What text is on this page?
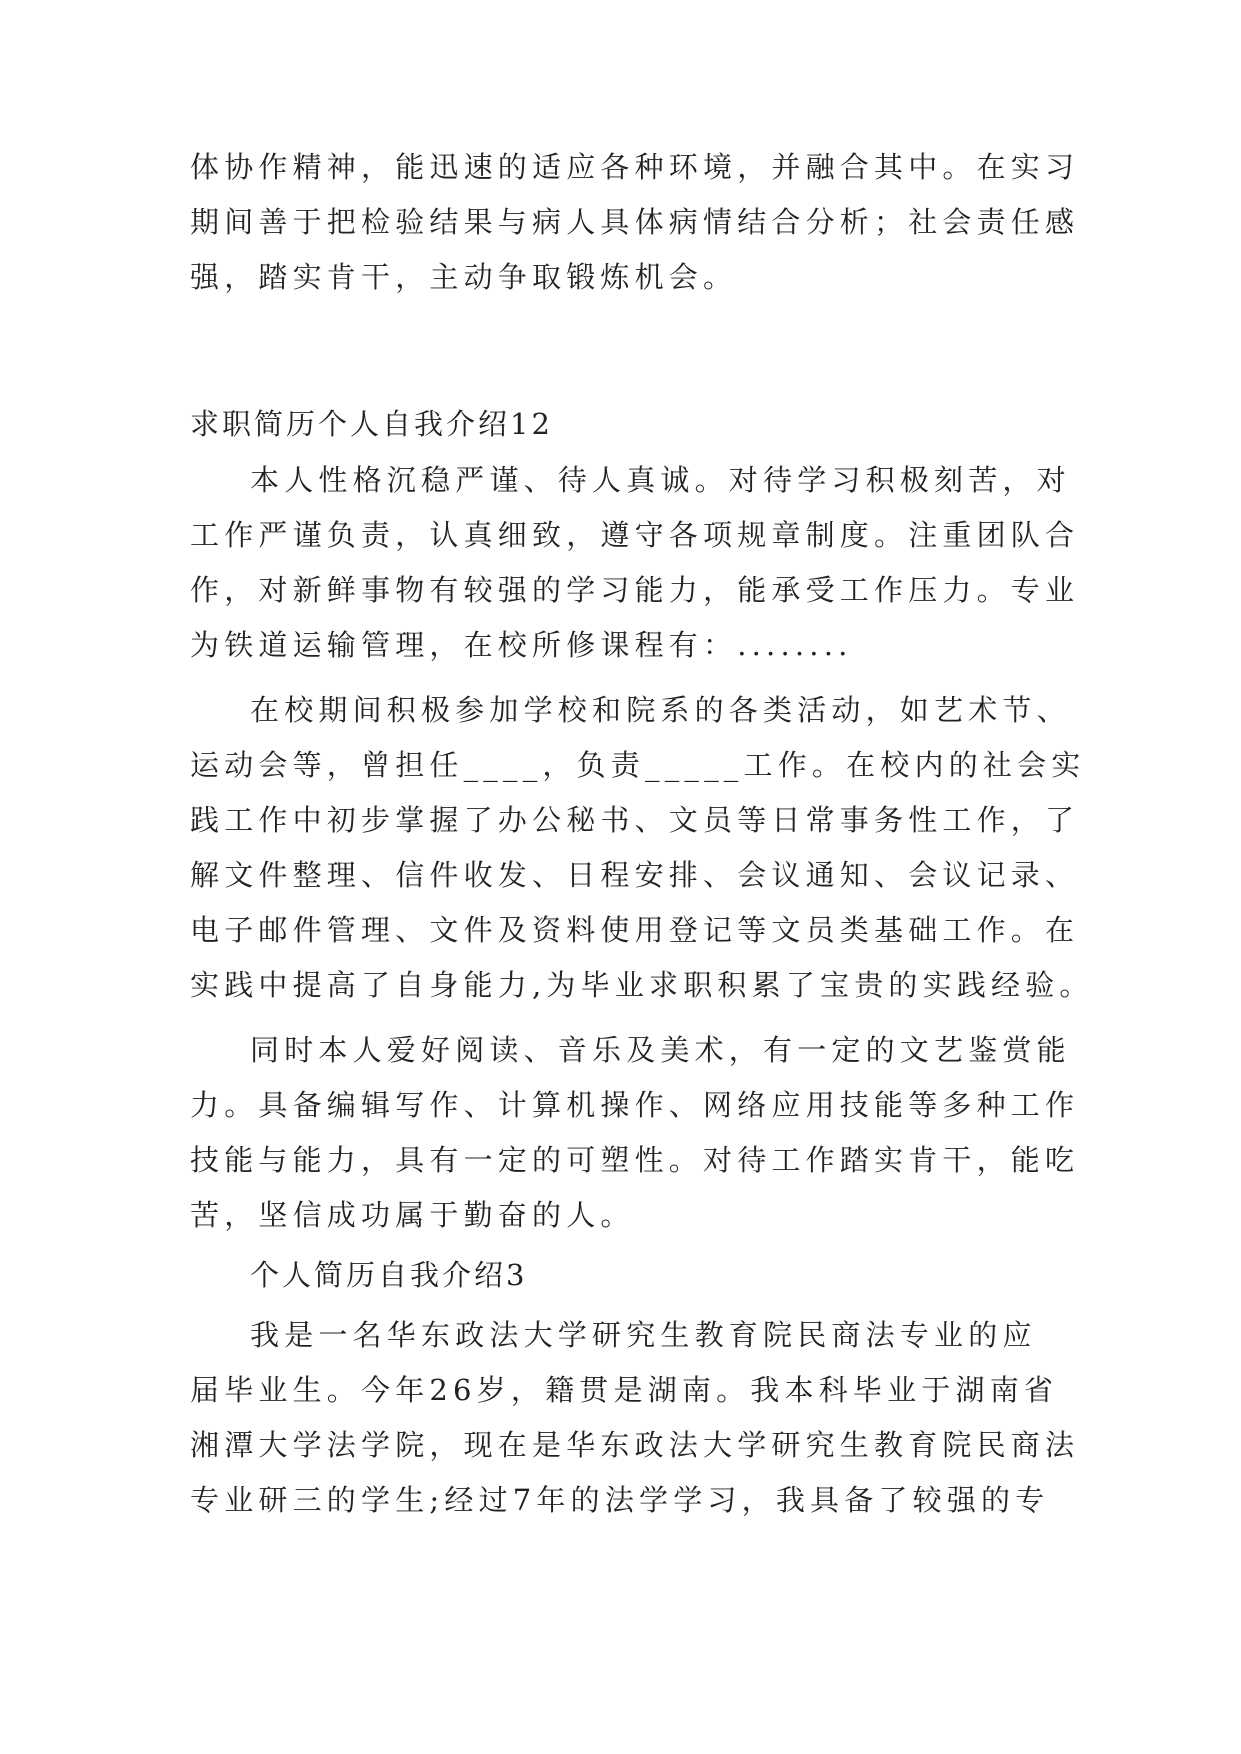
体协作精神，能迅速的适应各种环境，并融合其中。在实习
期间善于把检验结果与病人具体病情结合分析；社会责任感
强，踏实肯干，主动争取锻炼机会。
求职简历个人自我介绍12
本人性格沉稳严谨、待人真诚。对待学习积极刻苦，对
工作严谨负责，认真细致，遵守各项规章制度。注重团队合
作，对新鲜事物有较强的学习能力，能承受工作压力。专业
为铁道运输管理，在校所修课程有：........
在校期间积极参加学校和院系的各类活动，如艺术节、
运动会等，曾担任____，负责_____工作。在校内的社会实
践工作中初步掌握了办公秘书、文员等日常事务性工作，了
解文件整理、信件收发、日程安排、会议通知、会议记录、
电子邮件管理、文件及资料使用登记等文员类基础工作。在
实践中提高了自身能力,为毕业求职积累了宝贵的实践经验。
同时本人爱好阅读、音乐及美术，有一定的文艺鉴赏能
力。具备编辑写作、计算机操作、网络应用技能等多种工作
技能与能力，具有一定的可塑性。对待工作踏实肯干，能吃
苦，坚信成功属于勤奋的人。
个人简历自我介绍3
我是一名华东政法大学研究生教育院民商法专业的应
届毕业生。今年26岁，籍贯是湖南。我本科毕业于湖南省
湘潭大学法学院，现在是华东政法大学研究生教育院民商法
专业研三的学生;经过7年的法学学习，我具备了较强的专
